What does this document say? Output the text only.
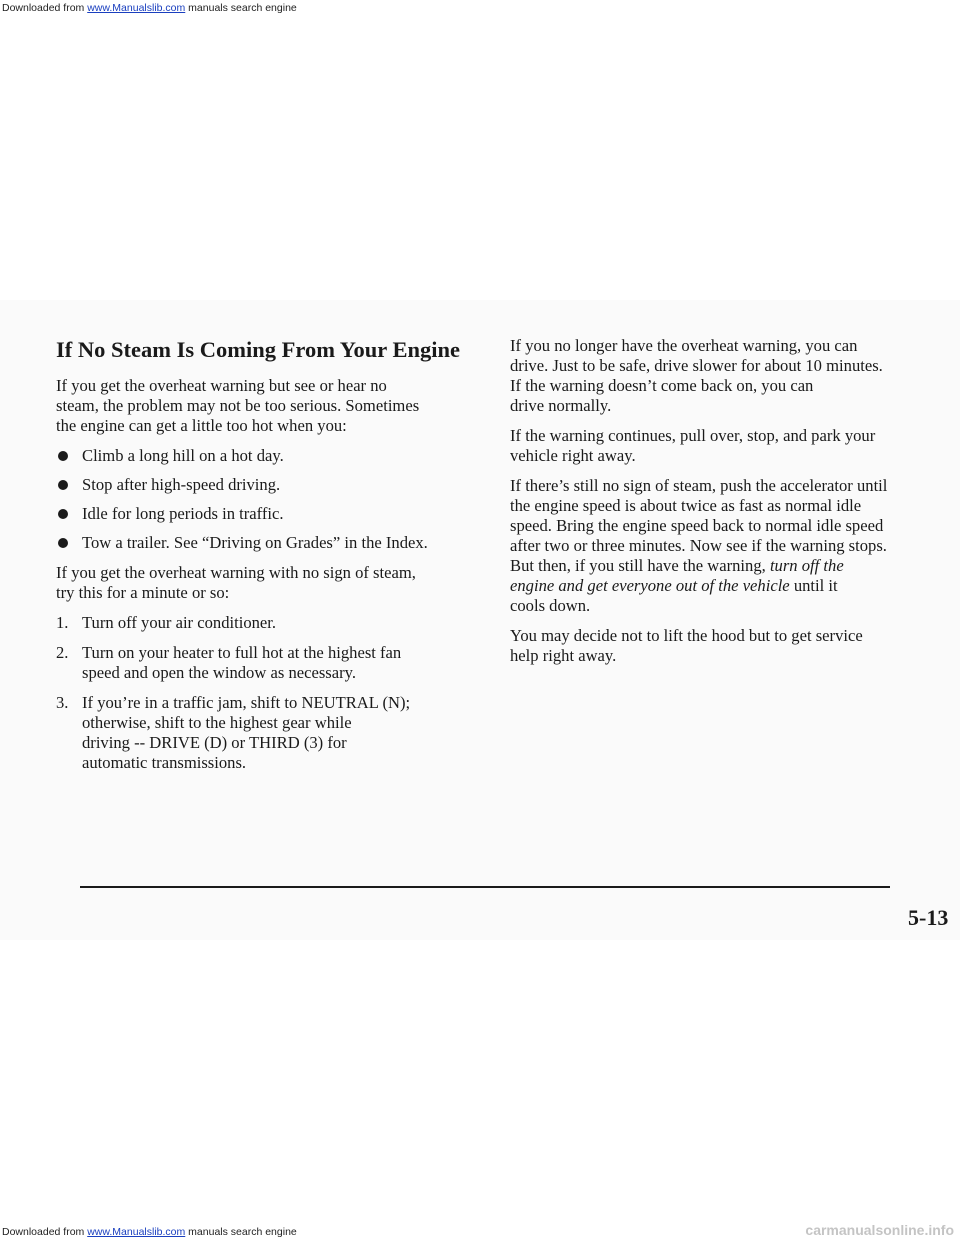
Downloaded from www.Manualslib.com manuals search engine
If No Steam Is Coming From Your Engine

If you get the overheat warning but see or hear no
steam, the problem may not be too serious. Sometimes
the engine can get a little too hot when you:

Climb a long hill on a hot day.
Stop after high-speed driving.
Idle for long periods in traffic.
Tow a trailer. See “Driving on Grades” in the Index.

If you get the overheat warning with no sign of steam,
try this for a minute or so:

1. Turn off your air conditioner.
2. Turn on your heater to full hot at the highest fan
speed and open the window as necessary.
3. If you’re in a traffic jam, shift to NEUTRAL (N);
otherwise, shift to the highest gear while
driving -- DRIVE (D) or THIRD (3) for
automatic transmissions.

If you no longer have the overheat warning, you can
drive. Just to be safe, drive slower for about 10 minutes.
If the warning doesn’t come back on, you can
drive normally.

If the warning continues, pull over, stop, and park your
vehicle right away.

If there’s still no sign of steam, push the accelerator until
the engine speed is about twice as fast as normal idle
speed. Bring the engine speed back to normal idle speed
after two or three minutes. Now see if the warning stops.
But then, if you still have the warning, turn off the
engine and get everyone out of the vehicle until it
cools down.

You may decide not to lift the hood but to get service
help right away.

5-13
Downloaded from www.Manualslib.com manuals search engine	carmanualsonline.info
